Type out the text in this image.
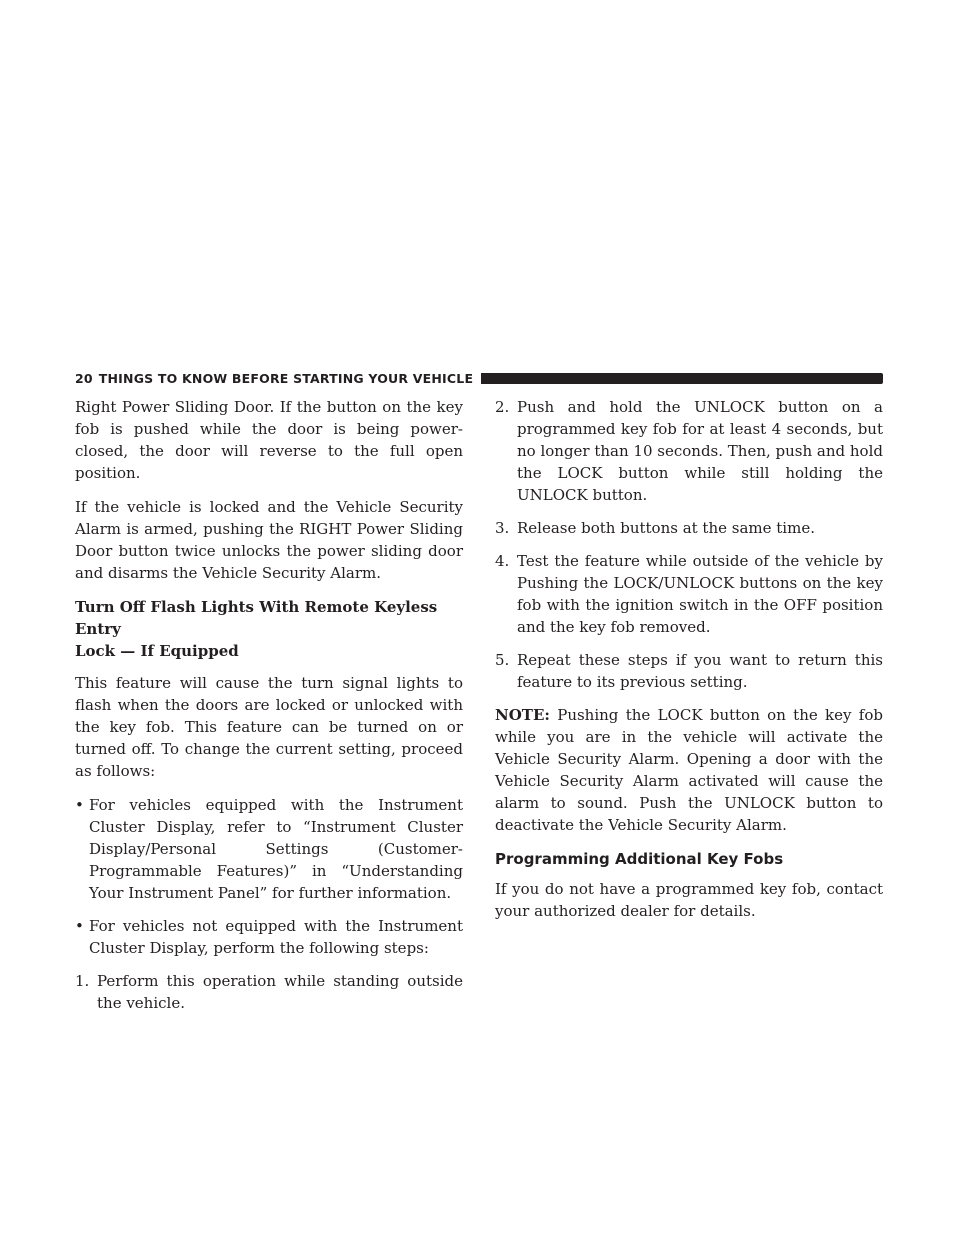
20 THINGS TO KNOW BEFORE STARTING YOUR VEHICLE

Right Power Sliding Door. If the button on the key fob is pushed while the door is being power-closed, the door will reverse to the full open position.

If the vehicle is locked and the Vehicle Security Alarm is armed, pushing the RIGHT Power Sliding Door button twice unlocks the power sliding door and disarms the Vehicle Security Alarm.

Turn Off Flash Lights With Remote Keyless Entry
Lock — If Equipped

This feature will cause the turn signal lights to flash when the doors are locked or unlocked with the key fob. This feature can be turned on or turned off. To change the current setting, proceed as follows:

• For vehicles equipped with the Instrument Cluster Display, refer to “Instrument Cluster Display/Personal Settings (Customer-Programmable Features)” in “Understanding Your Instrument Panel” for further information.
• For vehicles not equipped with the Instrument Cluster Display, perform the following steps:
1. Perform this operation while standing outside the vehicle.
2. Push and hold the UNLOCK button on a programmed key fob for at least 4 seconds, but no longer than 10 seconds. Then, push and hold the LOCK button while still holding the UNLOCK button.
3. Release both buttons at the same time.
4. Test the feature while outside of the vehicle by Pushing the LOCK/UNLOCK buttons on the key fob with the ignition switch in the OFF position and the key fob removed.
5. Repeat these steps if you want to return this feature to its previous setting.

NOTE: Pushing the LOCK button on the key fob while you are in the vehicle will activate the Vehicle Security Alarm. Opening a door with the Vehicle Security Alarm activated will cause the alarm to sound. Push the UNLOCK button to deactivate the Vehicle Security Alarm.

Programming Additional Key Fobs

If you do not have a programmed key fob, contact your authorized dealer for details.
